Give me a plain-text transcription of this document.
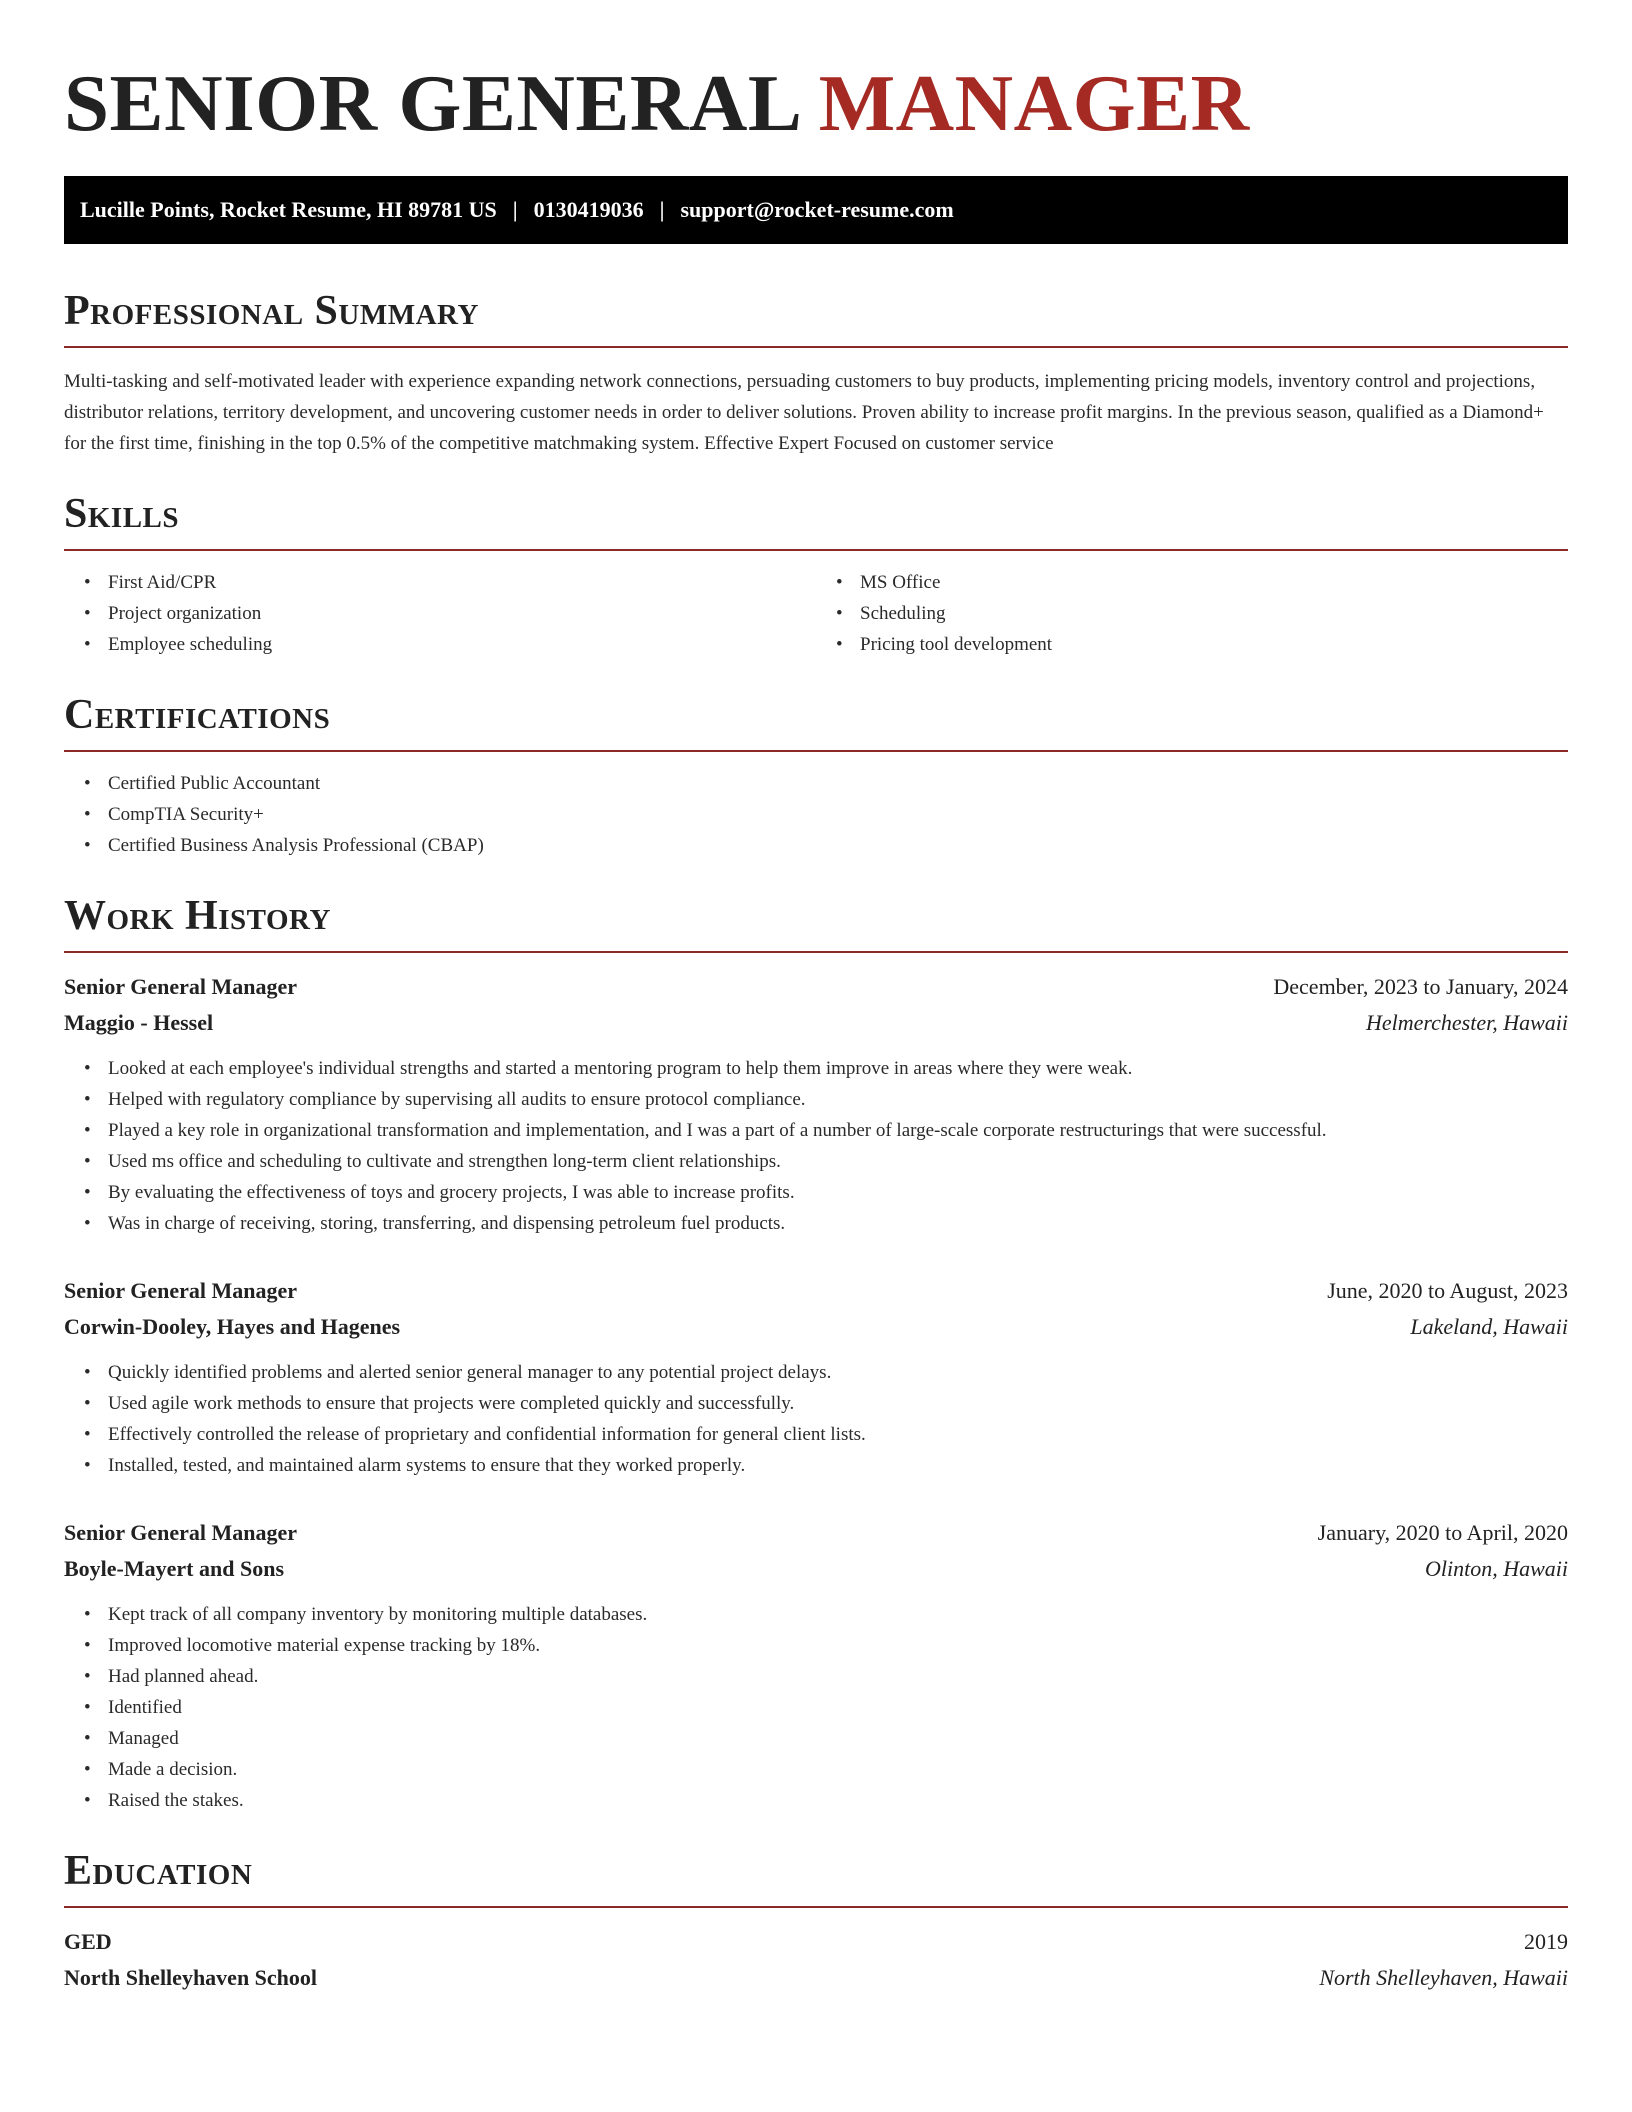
SENIOR GENERAL MANAGER
Lucille Points, Rocket Resume, HI 89781 US | 0130419036 | support@rocket-resume.com
Professional Summary

Multi-tasking and self-motivated leader with experience expanding network connections, persuading customers to buy products, implementing pricing models, inventory control and projections, distributor relations, territory development, and uncovering customer needs in order to deliver solutions. Proven ability to increase profit margins. In the previous season, qualified as a Diamond+ for the first time, finishing in the top 0.5% of the competitive matchmaking system. Effective Expert Focused on customer service

Skills
• First Aid/CPR
• Project organization
• Employee scheduling
• MS Office
• Scheduling
• Pricing tool development
Certifications
• Certified Public Accountant
• CompTIA Security+
• Certified Business Analysis Professional (CBAP)
Work History
Senior General Manager	December, 2023 to January, 2024
Maggio - Hessel	Helmerchester, Hawaii
• Looked at each employee's individual strengths and started a mentoring program to help them improve in areas where they were weak.
• Helped with regulatory compliance by supervising all audits to ensure protocol compliance.
• Played a key role in organizational transformation and implementation, and I was a part of a number of large-scale corporate restructurings that were successful.
• Used ms office and scheduling to cultivate and strengthen long-term client relationships.
• By evaluating the effectiveness of toys and grocery projects, I was able to increase profits.
• Was in charge of receiving, storing, transferring, and dispensing petroleum fuel products.
Senior General Manager	June, 2020 to August, 2023
Corwin-Dooley, Hayes and Hagenes	Lakeland, Hawaii
• Quickly identified problems and alerted senior general manager to any potential project delays.
• Used agile work methods to ensure that projects were completed quickly and successfully.
• Effectively controlled the release of proprietary and confidential information for general client lists.
• Installed, tested, and maintained alarm systems to ensure that they worked properly.
Senior General Manager	January, 2020 to April, 2020
Boyle-Mayert and Sons	Olinton, Hawaii
• Kept track of all company inventory by monitoring multiple databases.
• Improved locomotive material expense tracking by 18%.
• Had planned ahead.
• Identified
• Managed
• Made a decision.
• Raised the stakes.
Education
GED	2019
North Shelleyhaven School	North Shelleyhaven, Hawaii
